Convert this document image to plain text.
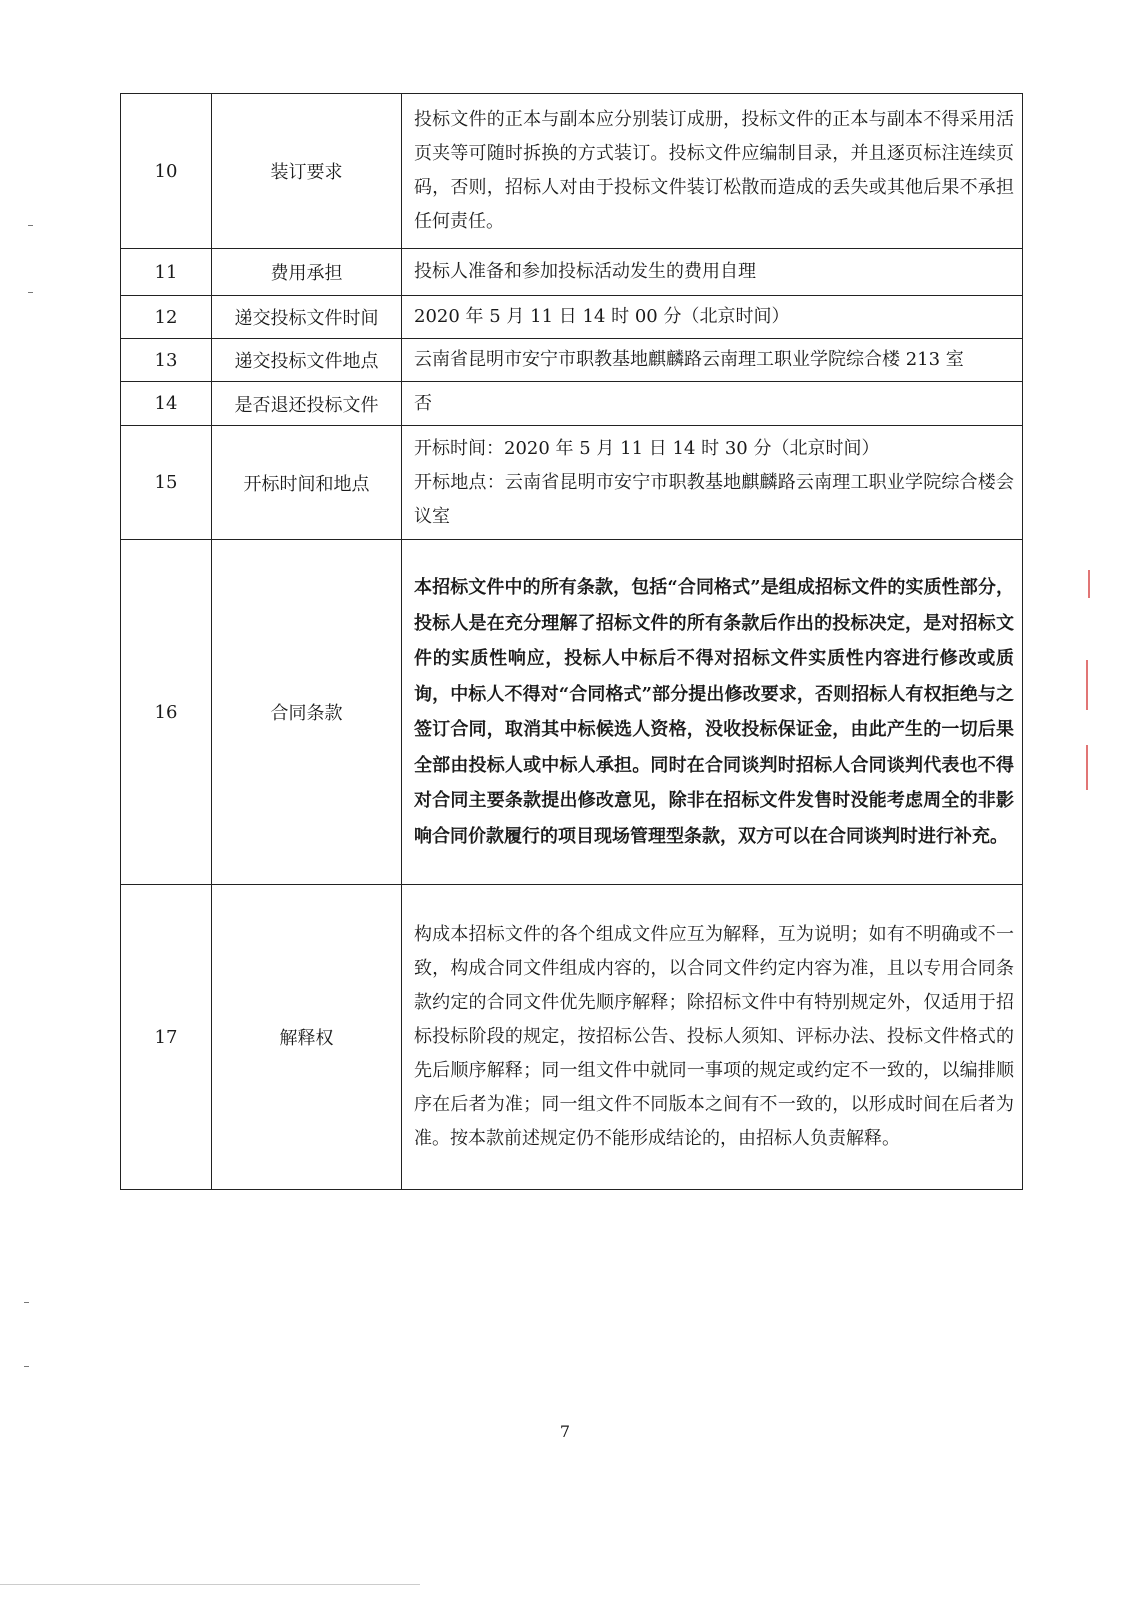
10	装订要求	投标文件的正本与副本应分别装订成册，投标文件的正本与副本不得采用活页夹等可随时拆换的方式装订。投标文件应编制目录，并且逐页标注连续页码，否则，招标人对由于投标文件装订松散而造成的丢失或其他后果不承担任何责任。

11	费用承担	投标人准备和参加投标活动发生的费用自理

12	递交投标文件时间	2020 年 5 月 11 日 14 时 00 分（北京时间）

13	递交投标文件地点	云南省昆明市安宁市职教基地麒麟路云南理工职业学院综合楼 213 室

14	是否退还投标文件	否

15	开标时间和地点	开标时间：2020 年 5 月 11 日 14 时 30 分（北京时间）

开标地点：云南省昆明市安宁市职教基地麒麟路云南理工职业学院综合楼会议室

16	合同条款	本招标文件中的所有条款，包括“合同格式”是组成招标文件的实质性部分，投标人是在充分理解了招标文件的所有条款后作出的投标决定，是对招标文件的实质性响应，投标人中标后不得对招标文件实质性内容进行修改或质询，中标人不得对“合同格式”部分提出修改要求，否则招标人有权拒绝与之签订合同，取消其中标候选人资格，没收投标保证金，由此产生的一切后果全部由投标人或中标人承担。同时在合同谈判时招标人合同谈判代表也不得对合同主要条款提出修改意见，除非在招标文件发售时没能考虑周全的非影响合同价款履行的项目现场管理型条款，双方可以在合同谈判时进行补充。

17	解释权	构成本招标文件的各个组成文件应互为解释，互为说明；如有不明确或不一致，构成合同文件组成内容的，以合同文件约定内容为准，且以专用合同条款约定的合同文件优先顺序解释；除招标文件中有特别规定外，仅适用于招标投标阶段的规定，按招标公告、投标人须知、评标办法、投标文件格式的先后顺序解释；同一组文件中就同一事项的规定或约定不一致的，以编排顺序在后者为准；同一组文件不同版本之间有不一致的，以形成时间在后者为准。按本款前述规定仍不能形成结论的，由招标人负责解释。

7
